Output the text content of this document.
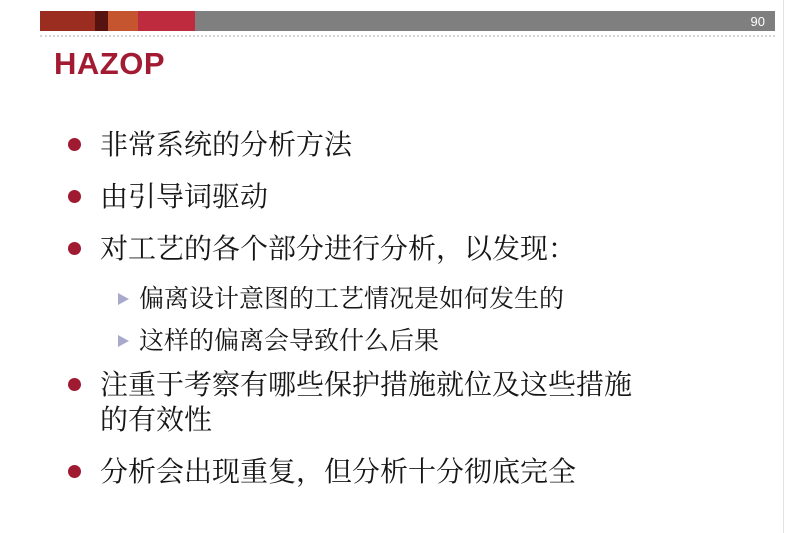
90
HAZOP
非常系统的分析方法
由引导词驱动
对工艺的各个部分进行分析，以发现：
偏离设计意图的工艺情况是如何发生的
这样的偏离会导致什么后果
注重于考察有哪些保护措施就位及这些措施的有效性
分析会出现重复，但分析十分彻底完全
